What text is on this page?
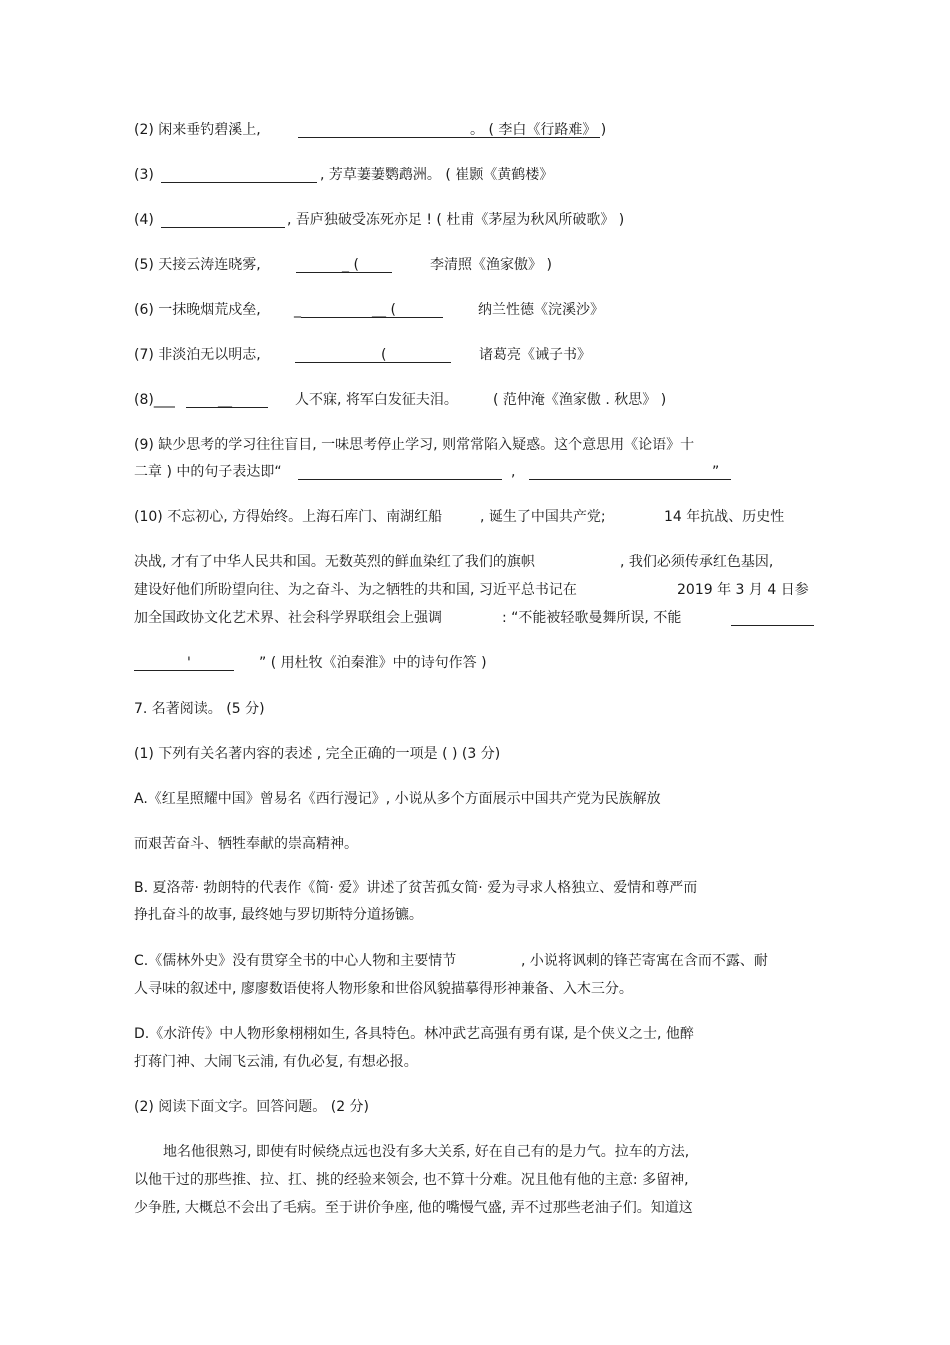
(2) 闲来垂钓碧溪上,	。 ( 李白《行路难》 )
(3)	, 芳草萋萋鹦鹉洲。 ( 崔颢《黄鹤楼》
(4)	, 吾庐独破受冻死亦足 ! ( 杜甫《茅屋为秋风所破歌》 )
(5) 天接云涛连晓雾,	_ (	李清照《渔家傲》 )
(6) 一抹晚烟荒戍垒, _	__ (	纳兰性德《浣溪沙》
(7) 非淡泊无以明志,	(	诸葛亮《诫子书》
(8)___	__	人不寐, 将军白发征夫泪。	( 范仲淹《渔家傲 . 秋思》 )
(9) 缺少思考的学习往往盲目, 一味思考停止学习, 则常常陷入疑惑。这个意思用《论语》十
二章 ) 中的句子表达即“	,	”
(10) 不忘初心, 方得始终。上海石库门、南湖红船	, 诞生了中国共产党;	14 年抗战、历史性
决战, 才有了中华人民共和国。无数英烈的鲜血染红了我们的旗帜	, 我们必须传承红色基因,
建设好他们所盼望向往、为之奋斗、为之牺牲的共和国, 习近平总书记在	2019 年 3 月 4 日参
加全国政协文化艺术界、社会科学界联组会上强调	: “不能被轻歌曼舞所误, 不能
'	” ( 用杜牧《泊秦淮》中的诗句作答 )
7. 名著阅读。 (5 分)
(1) 下列有关名著内容的表述 , 完全正确的一项是 ( ) (3 分)
A.《红星照耀中国》曾易名《西行漫记》, 小说从多个方面展示中国共产党为民族解放
而艰苦奋斗、牺牲奉献的崇高精神。
B. 夏洛蒂· 勃朗特的代表作《简· 爱》讲述了贫苦孤女简· 爱为寻求人格独立、爱情和尊严而
挣扎奋斗的故事, 最终她与罗切斯特分道扬镳。
C.《儒林外史》没有贯穿全书的中心人物和主要情节	, 小说将讽刺的锋芒寄寓在含而不露、耐
人寻味的叙述中, 廖廖数语使将人物形象和世俗风貌描摹得形神兼备、入木三分。
D.《水浒传》中人物形象栩栩如生, 各具特色。林冲武艺高强有勇有谋, 是个侠义之士, 他醉
打蒋门神、大闹飞云浦, 有仇必复, 有想必报。
(2) 阅读下面文字。回答问题。 (2 分)
地名他很熟习, 即使有时候绕点远也没有多大关系, 好在自己有的是力气。拉车的方法,
以他干过的那些推、拉、扛、挑的经验来领会, 也不算十分难。况且他有他的主意: 多留神,
少争胜, 大概总不会出了毛病。至于讲价争座, 他的嘴慢气盛, 弄不过那些老油子们。知道这
